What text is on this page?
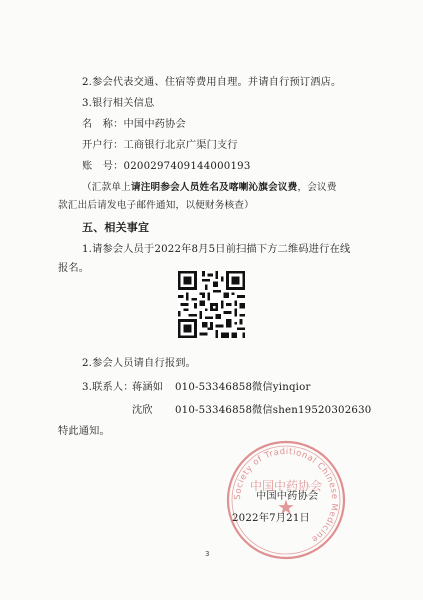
2.参会代表交通、住宿等费用自理。并请自行预订酒店。
3.银行相关信息
名　称：中国中药协会
开户行：工商银行北京广渠门支行
账　号：0200297409144000193
（汇款单上请注明参会人员姓名及喀喇沁旗会议费，会议费
款汇出后请发电子邮件通知，以便财务核查）
五、相关事宜
1.请参会人员于2022年8月5日前扫描下方二维码进行在线
报名。
2.参会人员请自行报到。
3.联系人：
蒋涵如 010-53346858 微信yinqior
沈欣 010-53346858 微信shen19520302630
特此通知。
Society of Traditional Chinese Medicine
中国中药协会
★
中国中药协会
2022年7月21日
3
